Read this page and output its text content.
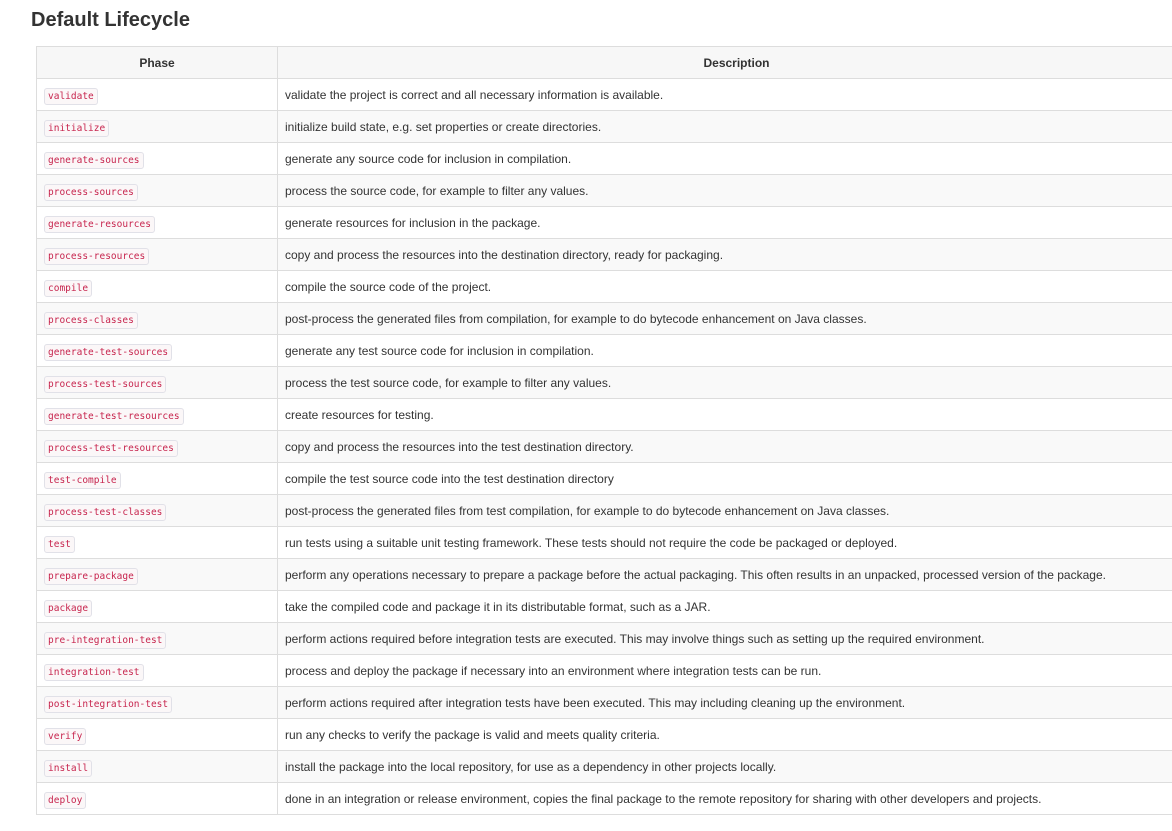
Default Lifecycle
Phase	Description
validate	validate the project is correct and all necessary information is available.
initialize	initialize build state, e.g. set properties or create directories.
generate-sources	generate any source code for inclusion in compilation.
process-sources	process the source code, for example to filter any values.
generate-resources	generate resources for inclusion in the package.
process-resources	copy and process the resources into the destination directory, ready for packaging.
compile	compile the source code of the project.
process-classes	post-process the generated files from compilation, for example to do bytecode enhancement on Java classes.
generate-test-sources	generate any test source code for inclusion in compilation.
process-test-sources	process the test source code, for example to filter any values.
generate-test-resources	create resources for testing.
process-test-resources	copy and process the resources into the test destination directory.
test-compile	compile the test source code into the test destination directory
process-test-classes	post-process the generated files from test compilation, for example to do bytecode enhancement on Java classes.
test	run tests using a suitable unit testing framework. These tests should not require the code be packaged or deployed.
prepare-package	perform any operations necessary to prepare a package before the actual packaging. This often results in an unpacked, processed version of the package.
package	take the compiled code and package it in its distributable format, such as a JAR.
pre-integration-test	perform actions required before integration tests are executed. This may involve things such as setting up the required environment.
integration-test	process and deploy the package if necessary into an environment where integration tests can be run.
post-integration-test	perform actions required after integration tests have been executed. This may including cleaning up the environment.
verify	run any checks to verify the package is valid and meets quality criteria.
install	install the package into the local repository, for use as a dependency in other projects locally.
deploy	done in an integration or release environment, copies the final package to the remote repository for sharing with other developers and projects.
